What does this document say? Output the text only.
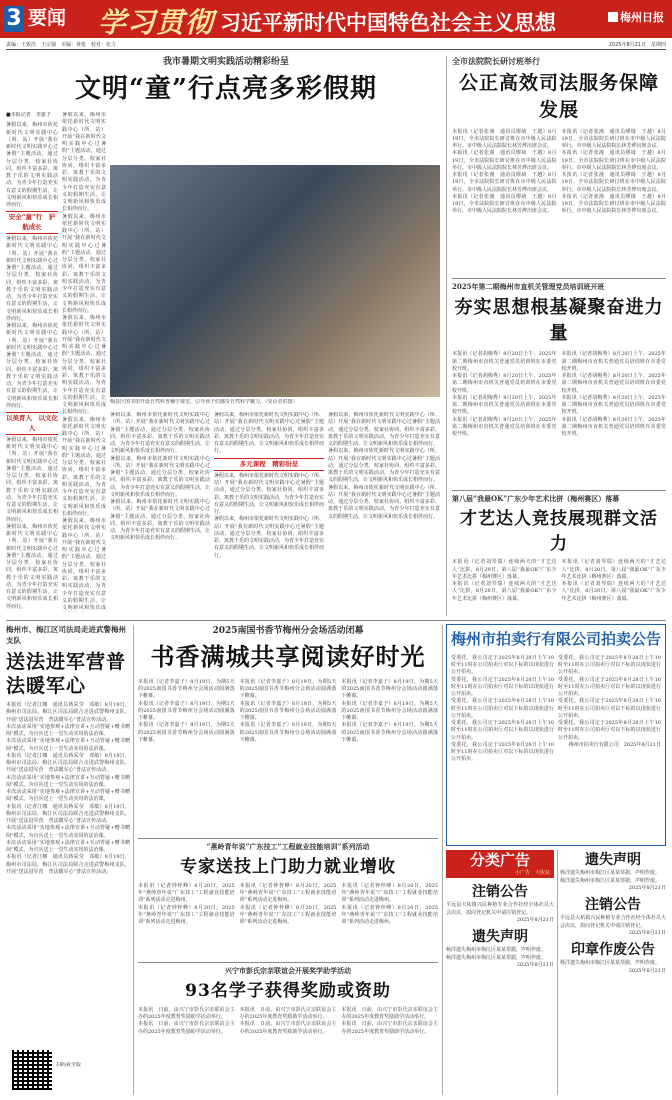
3 要闻 学习贯彻 习近平新时代中国特色社会主义思想	梅州日报
责编：王致浩　王宗强　美编：黄枪　校对：张力	2025年8月21日　星期四
我市暑期文明实践活动精彩纷呈
文明“童”行点亮多彩假期
■本报记者　李嘉子
暑假以来，梅州市依托新时代文明实践中心（所、站）开展“我在新时代文明实践中心过暑假”主题活动，通过分层分类、校家社协同，组织丰富多彩、寓教于乐的文明实践活动，为青少年打造充实有意义的假期生活，让文明新风和快乐成长相伴而行。
安全“童”行　护航成长
暑假以来，梅州市依托新时代文明实践中心（所、站）开展“我在新时代文明实践中心过暑假”主题活动，通过分层分类、校家社协同，组织丰富多彩、寓教于乐的文明实践活动，为青少年打造充实有意义的假期生活，让文明新风和快乐成长相伴而行。
暑假以来，梅州市依托新时代文明实践中心（所、站）开展“我在新时代文明实践中心过暑假”主题活动，通过分层分类、校家社协同，组织丰富多彩、寓教于乐的文明实践活动，为青少年打造充实有意义的假期生活，让文明新风和快乐成长相伴而行。
以美育人　以文化人
暑假以来，梅州市依托新时代文明实践中心（所、站）开展“我在新时代文明实践中心过暑假”主题活动，通过分层分类、校家社协同，组织丰富多彩、寓教于乐的文明实践活动，为青少年打造充实有意义的假期生活，让文明新风和快乐成长相伴而行。
暑假以来，梅州市依托新时代文明实践中心（所、站）开展“我在新时代文明实践中心过暑假”主题活动，通过分层分类、校家社协同，组织丰富多彩、寓教于乐的文明实践活动，为青少年打造充实有意义的假期生活，让文明新风和快乐成长相伴而行。
梅县区图书馆开设自然科普播学课堂，引导孩子们感受自然科学魅力。（受访者供图）
暑假以来，梅州市依托新时代文明实践中心（所、站）开展“我在新时代文明实践中心过暑假”主题活动，通过分层分类、校家社协同，组织丰富多彩、寓教于乐的文明实践活动，为青少年打造充实有意义的假期生活，让文明新风和快乐成长相伴而行。
暑假以来，梅州市依托新时代文明实践中心（所、站）开展“我在新时代文明实践中心过暑假”主题活动，通过分层分类、校家社协同，组织丰富多彩、寓教于乐的文明实践活动，为青少年打造充实有意义的假期生活，让文明新风和快乐成长相伴而行。
暑假以来，梅州市依托新时代文明实践中心（所、站）开展“我在新时代文明实践中心过暑假”主题活动，通过分层分类、校家社协同，组织丰富多彩、寓教于乐的文明实践活动，为青少年打造充实有意义的假期生活，让文明新风和快乐成长相伴而行。
暑假以来，梅州市依托新时代文明实践中心（所、站）开展“我在新时代文明实践中心过暑假”主题活动，通过分层分类、校家社协同，组织丰富多彩、寓教于乐的文明实践活动，为青少年打造充实有意义的假期生活，让文明新风和快乐成长相伴而行。
暑假以来，梅州市依托新时代文明实践中心（所、站）开展“我在新时代文明实践中心过暑假”主题活动，通过分层分类、校家社协同，组织丰富多彩、寓教于乐的文明实践活动，为青少年打造充实有意义的假期生活，让文明新风和快乐成
暑假以来，梅州市依托新时代文明实践中心（所、站）开展“我在新时代文明实践中心过暑假”主题活动，通过分层分类、校家社协同，组织丰富多彩、寓教于乐的文明实践活动，为青少年打造充实有意义的假期生活，让文明新风和快乐成长相伴而行。
暑假以来，梅州市依托新时代文明实践中心（所、站）开展“我在新时代文明实践中心过暑假”主题活动，通过分层分类、校家社协同，组织丰富多彩、寓教于乐的文明实践活动，为青少年打造充实有意义的假期生活，让文明新风和快乐成长相伴而行。
暑假以来，梅州市依托新时代文明实践中心（所、站）开展“我在新时代文明实践中心过暑假”主题活动，通过分层分类、校家社协同，组织丰富多彩、寓教于乐的文明实践活动，为青少年打造充实有意义的假期生活，让文明新风和快乐成长相伴而行。
暑假以来，梅州市依托新时代文明实践中心（所、站）开展“我在新时代文明实践中心过暑假”主题活动，通过分层分类、校家社协同，组织丰富多彩、寓教于乐的文明实践活动，为青少年打造充实有意义的假期生活，让文明新风和快乐成长相伴而行。
多元课程　精彩纷呈
暑假以来，梅州市依托新时代文明实践中心（所、站）开展“我在新时代文明实践中心过暑假”主题活动，通过分层分类、校家社协同，组织丰富多彩、寓教于乐的文明实践活动，为青少年打造充实有意义的假期生活，让文明新风和快乐成长相伴而行。
暑假以来，梅州市依托新时代文明实践中心（所、站）开展“我在新时代文明实践中心过暑假”主题活动，通过分层分类、校家社协同，组织丰富多彩、寓教于乐的文明实践活动，为青少年打造充实有意义的假期生活，让文明新风和快乐成长相伴而行。
暑假以来，梅州市依托新时代文明实践中心（所、站）开展“我在新时代文明实践中心过暑假”主题活动，通过分层分类、校家社协同，组织丰富多彩、寓教于乐的文明实践活动，为青少年打造充实有意义的假期生活，让文明新风和快乐成长相伴而行。
暑假以来，梅州市依托新时代文明实践中心（所、站）开展“我在新时代文明实践中心过暑假”主题活动，通过分层分类、校家社协同，组织丰富多彩、寓教于乐的文明实践活动，为青少年打造充实有意义的假期生活，让文明新风和快乐成长相伴而行。
暑假以来，梅州市依托新时代文明实践中心（所、站）开展“我在新时代文明实践中心过暑假”主题活动，通过分层分类、校家社协同，组织丰富多彩、寓教于乐的文明实践活动，为青少年打造充实有意义的假期生活，让文明新风和快乐成长相伴而行。
全市法院院长研讨班举行
公正高效司法服务保障发展
本报讯（记者张漫　通讯员缪绮　王越）8月19日，全市法院院长研讨班在市中级人民法院举行。市中级人民法院院长林芳烨出席会议。
本报讯（记者张漫　通讯员缪绮　王越）8月19日，全市法院院长研讨班在市中级人民法院举行。市中级人民法院院长林芳烨出席会议。
本报讯（记者张漫　通讯员缪绮　王越）8月19日，全市法院院长研讨班在市中级人民法院举行。市中级人民法院院长林芳烨出席会议。
本报讯（记者张漫　通讯员缪绮　王越）8月19日，全市法院院长研讨班在市中级人民法院举行。市中级人民法院院长林芳烨出席会议。
本报讯（记者张漫　通讯员缪绮　王越）8月19日，全市法院院长研讨班在市中级人民法院举行。市中级人民法院院长林芳烨出席会议。
本报讯（记者张漫　通讯员缪绮　王越）8月19日，全市法院院长研讨班在市中级人民法院举行。市中级人民法院院长林芳烨出席会议。
本报讯（记者张漫　通讯员缪绮　王越）8月19日，全市法院院长研讨班在市中级人民法院举行。市中级人民法院院长林芳烨出席会议。
本报讯（记者张漫　通讯员缪绮　王越）8月19日，全市法院院长研讨班在市中级人民法院举行。市中级人民法院院长林芳烨出席会议。
2025年第二期梅州市直机关管理党员培训班开班
夯实思想根基凝聚奋进力量
本报讯（记者胡梅秀）8月20日上午，2025年第二期梅州市直机关普通党员培训班在市委党校开班。
本报讯（记者胡梅秀）8月20日上午，2025年第二期梅州市直机关普通党员培训班在市委党校开班。
本报讯（记者胡梅秀）8月20日上午，2025年第二期梅州市直机关普通党员培训班在市委党校开班。
本报讯（记者胡梅秀）8月20日上午，2025年第二期梅州市直机关普通党员培训班在市委党校开班。
本报讯（记者胡梅秀）8月20日上午，2025年第二期梅州市直机关普通党员培训班在市委党校开班。
本报讯（记者胡梅秀）8月20日上午，2025年第二期梅州市直机关普通党员培训班在市委党校开班。
本报讯（记者胡梅秀）8月20日上午，2025年第二期梅州市直机关普通党员培训班在市委党校开班。
本报讯（记者胡梅秀）8月20日上午，2025年第二期梅州市直机关普通党员培训班在市委党校开班。
第八届“我最OK”广东少年艺术比拼（梅州赛区）落幕
才艺达人竞技展现群文活力
本报讯（记者刘琴瑞）连续两天的“才艺达人”比拼，8月20日，第八届“我最OK”广东少年艺术比拼（梅州赛区）落幕。
本报讯（记者刘琴瑞）连续两天的“才艺达人”比拼，8月20日，第八届“我最OK”广东少年艺术比拼（梅州赛区）落幕。
本报讯（记者刘琴瑞）连续两天的“才艺达人”比拼，8月20日，第八届“我最OK”广东少年艺术比拼（梅州赛区）落幕。
本报讯（记者刘琴瑞）连续两天的“才艺达人”比拼，8月20日，第八届“我最OK”广东少年艺术比拼（梅州赛区）落幕。
梅州市、梅江区司法局走进武警梅州支队
送法进军营普法暖军心
本报讯（记者江娜　通讯员蒋采莹　邓敏）8月19日，梅州市司法局、梅江区司法局联合走进武警梅州支队，开展“送法进军营　普法暖军心”普法宣传活动。
本次活动采用“实地参观+法律宣讲+互动答疑+赠书赠阅”模式，为官兵送上一堂生动实用的法治课。
本次活动采用“实地参观+法律宣讲+互动答疑+赠书赠阅”模式，为官兵送上一堂生动实用的法治课。
本报讯（记者江娜　通讯员蒋采莹　邓敏）8月19日，梅州市司法局、梅江区司法局联合走进武警梅州支队，开展“送法进军营　普法暖军心”普法宣传活动。
本次活动采用“实地参观+法律宣讲+互动答疑+赠书赠阅”模式，为官兵送上一堂生动实用的法治课。
本次活动采用“实地参观+法律宣讲+互动答疑+赠书赠阅”模式，为官兵送上一堂生动实用的法治课。
本报讯（记者江娜　通讯员蒋采莹　邓敏）8月19日，梅州市司法局、梅江区司法局联合走进武警梅州支队，开展“送法进军营　普法暖军心”普法宣传活动。
本次活动采用“实地参观+法律宣讲+互动答疑+赠书赠阅”模式，为官兵送上一堂生动实用的法治课。
本次活动采用“实地参观+法律宣讲+互动答疑+赠书赠阅”模式，为官兵送上一堂生动实用的法治课。
本报讯（记者江娜　通讯员蒋采莹　邓敏）8月19日，梅州市司法局、梅江区司法局联合走进武警梅州支队，开展“送法进军营　普法暖军心”普法宣传活动。
扫码看全版
2025南国书香节梅州分会场活动闭幕
书香满城共享阅读好时光
本报讯（记者李嘉子）8月19日，为期5天的2025南国书香节梅州分会场活动圆满落下帷幕。
本报讯（记者李嘉子）8月19日，为期5天的2025南国书香节梅州分会场活动圆满落下帷幕。
本报讯（记者李嘉子）8月19日，为期5天的2025南国书香节梅州分会场活动圆满落下帷幕。
本报讯（记者李嘉子）8月19日，为期5天的2025南国书香节梅州分会场活动圆满落下帷幕。
本报讯（记者李嘉子）8月19日，为期5天的2025南国书香节梅州分会场活动圆满落下帷幕。
本报讯（记者李嘉子）8月19日，为期5天的2025南国书香节梅州分会场活动圆满落下帷幕。
本报讯（记者李嘉子）8月19日，为期5天的2025南国书香节梅州分会场活动圆满落下帷幕。
本报讯（记者李嘉子）8月19日，为期5天的2025南国书香节梅州分会场活动圆满落下帷幕。
本报讯（记者李嘉子）8月19日，为期5天的2025南国书香节梅州分会场活动圆满落下帷幕。
“燕岭青年说”广东技工“工程就业技能培训”系列活动
专家送技上门助力就业增收
本报讯（记者钟梓峰）8月20日，2025年“燕岭青年说”广东技工“工程就业技能培训”系列活动走进梅州。
本报讯（记者钟梓峰）8月20日，2025年“燕岭青年说”广东技工“工程就业技能培训”系列活动走进梅州。
本报讯（记者钟梓峰）8月20日，2025年“燕岭青年说”广东技工“工程就业技能培训”系列活动走进梅州。
本报讯（记者钟梓峰）8月20日，2025年“燕岭青年说”广东技工“工程就业技能培训”系列活动走进梅州。
本报讯（记者钟梓峰）8月20日，2025年“燕岭青年说”广东技工“工程就业技能培训”系列活动走进梅州。
本报讯（记者钟梓峰）8月20日，2025年“燕岭青年说”广东技工“工程就业技能培训”系列活动走进梅州。
兴宁市彭氏宗亲联谊会开展奖学助学活动
93名学子获得奖励或资助
本报讯　日前，由兴宁市彭氏宗亲联谊会主办的2025年度教育奖励助学活动举行。
本报讯　日前，由兴宁市彭氏宗亲联谊会主办的2025年度教育奖励助学活动举行。
本报讯　日前，由兴宁市彭氏宗亲联谊会主办的2025年度教育奖励助学活动举行。
本报讯　日前，由兴宁市彭氏宗亲联谊会主办的2025年度教育奖励助学活动举行。
本报讯　日前，由兴宁市彭氏宗亲联谊会主办的2025年度教育奖励助学活动举行。
本报讯　日前，由兴宁市彭氏宗亲联谊会主办的2025年度教育奖励助学活动举行。
梅州市拍卖行有限公司拍卖公告
受委托，我公司定于2025年8月28日上午10时至11时在公司拍卖厅对以下标的以现状进行公开拍卖。
受委托，我公司定于2025年8月28日上午10时至11时在公司拍卖厅对以下标的以现状进行公开拍卖。
受委托，我公司定于2025年8月28日上午10时至11时在公司拍卖厅对以下标的以现状进行公开拍卖。
受委托，我公司定于2025年8月28日上午10时至11时在公司拍卖厅对以下标的以现状进行公开拍卖。
受委托，我公司定于2025年8月28日上午10时至11时在公司拍卖厅对以下标的以现状进行公开拍卖。
受委托，我公司定于2025年8月28日上午10时至11时在公司拍卖厅对以下标的以现状进行公开拍卖。
受委托，我公司定于2025年8月28日上午10时至11时在公司拍卖厅对以下标的以现状进行公开拍卖。
受委托，我公司定于2025年8月28日上午10时至11时在公司拍卖厅对以下标的以现状进行公开拍卖。
受委托，我公司定于2025年8月28日上午10时至11时在公司拍卖厅对以下标的以现状进行公开拍卖。
梅州市拍卖行有限公司　2025年8月21日
分类广告
小广告　大收获
注销公告
平远县大柘镇兴民种植专业合作社经全体社员大会决议，拟向登记机关申请注销登记。
2025年8月21日
遗失声明
杨洋遗失梅州市梅江区某某票据，声明作废。
杨洋遗失梅州市梅江区某某票据，声明作废。
2025年8月21日
遗失声明
杨洋遗失梅州市梅江区某某票据，声明作废。
杨洋遗失梅州市梅江区某某票据，声明作废。
2025年8月21日
注销公告
平远县大柘镇兴民种植专业合作社经全体社员大会决议，拟向登记机关申请注销登记。
2025年8月21日
印章作废公告
杨洋遗失梅州市梅江区某某票据，声明作废。
2025年8月21日
